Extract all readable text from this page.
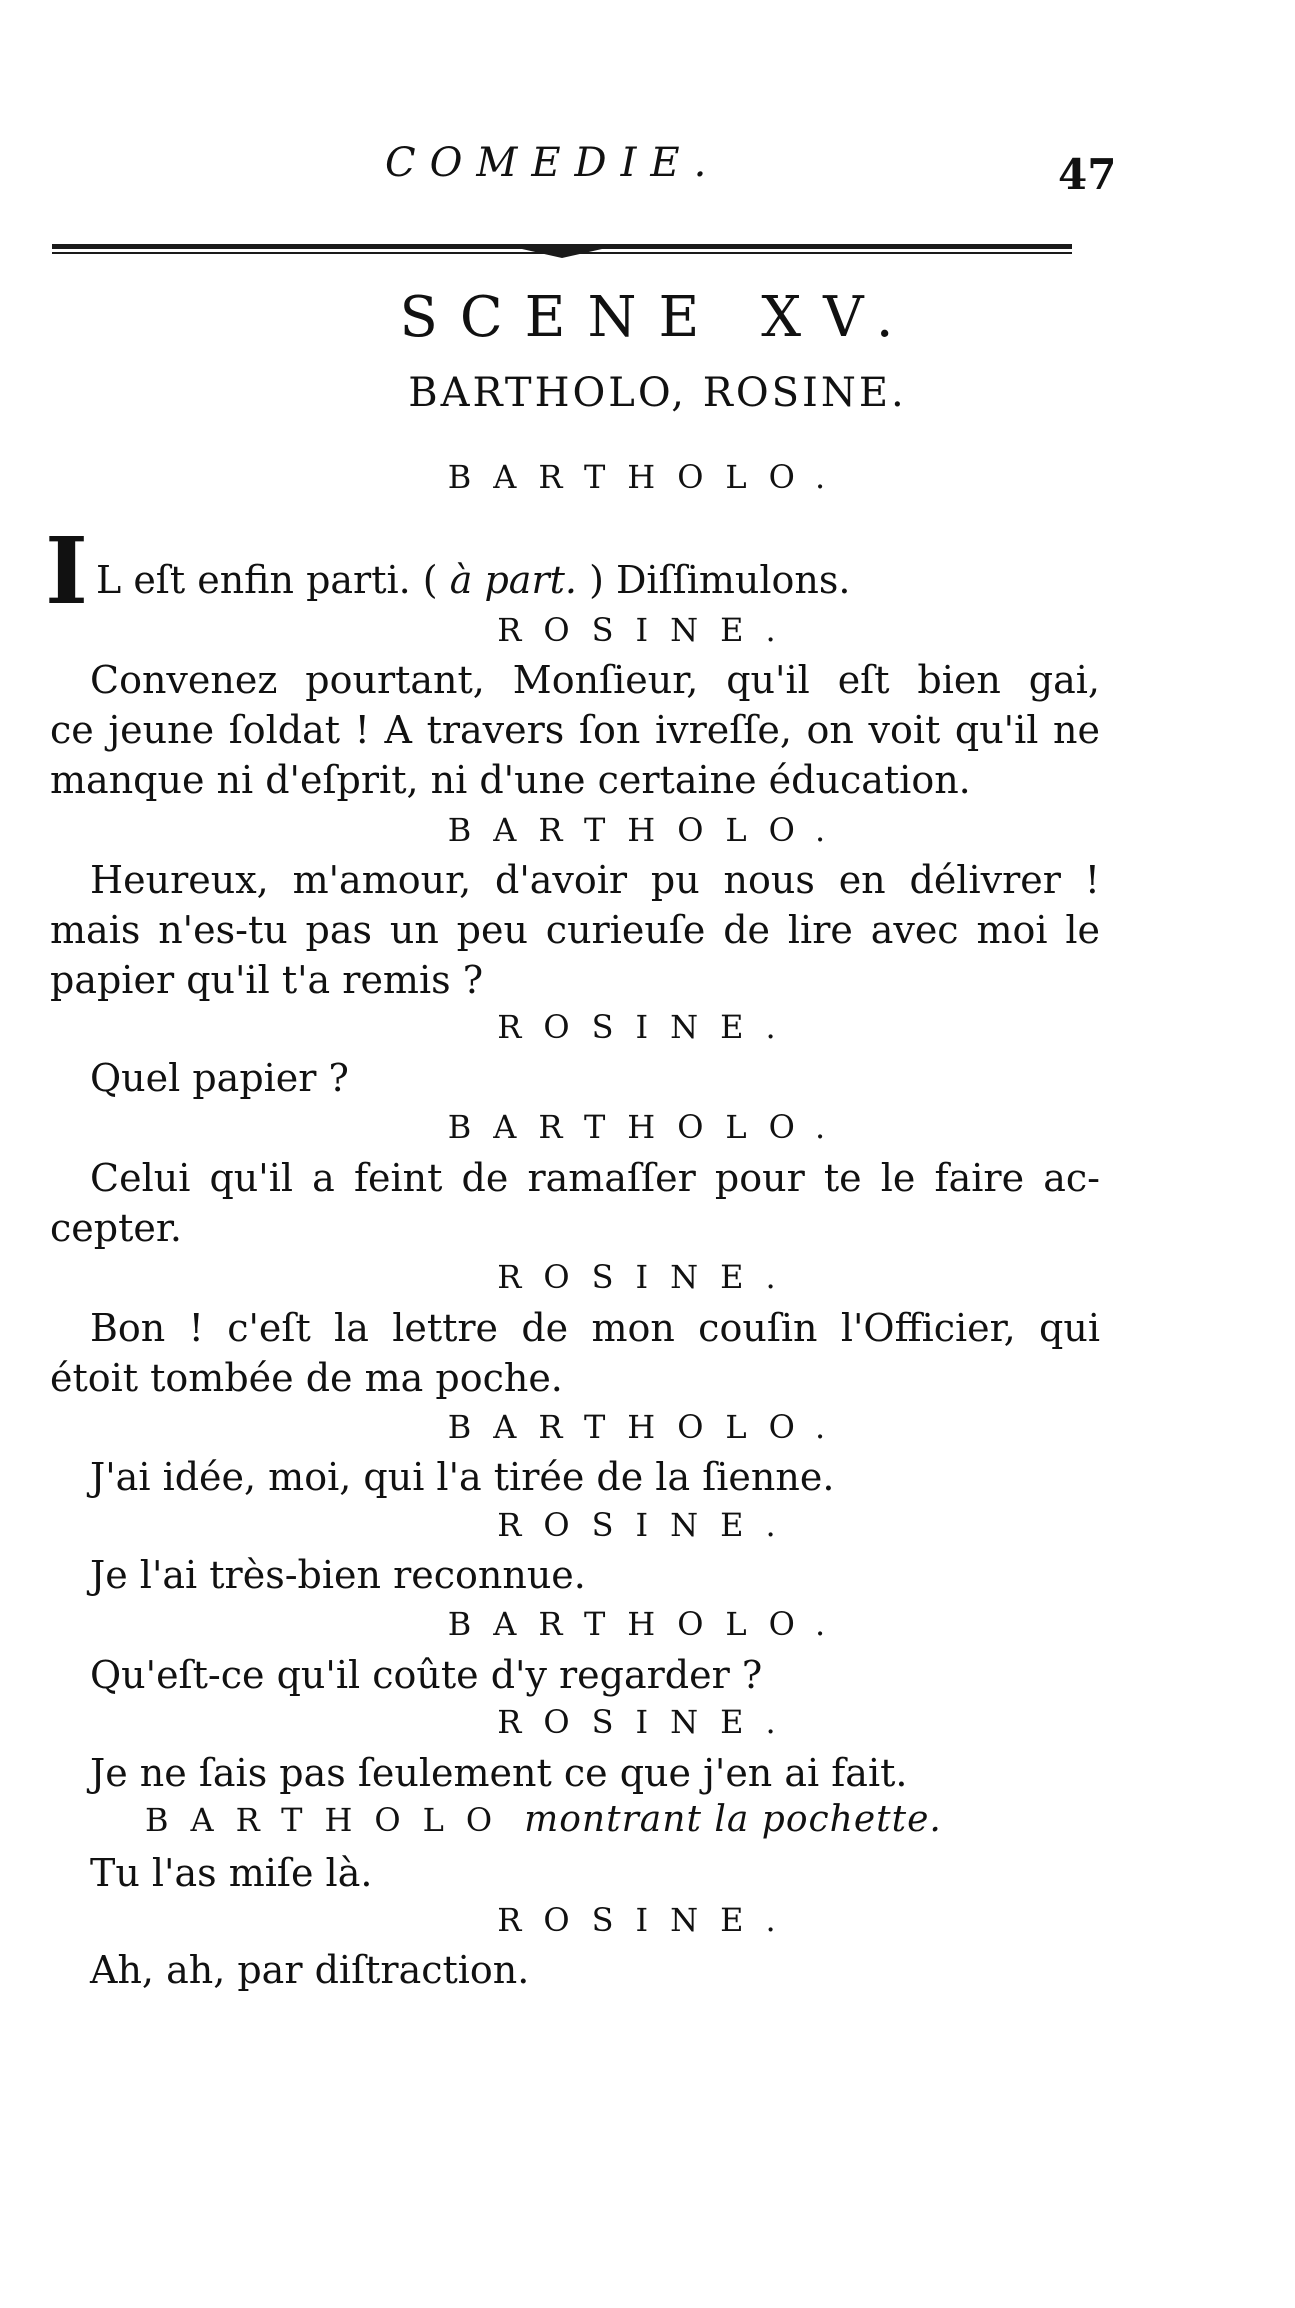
COMEDIE.	47
SCENE XV.
BARTHOLO, ROSINE.
BARTHOLO.
I L eſt enfin parti. ( à part. ) Diſſimulons.
ROSINE.
Convenez pourtant, Monſieur, qu'il eſt bien gai,
ce jeune ſoldat ! A travers ſon ivreſſe, on voit qu'il ne
manque ni d'eſprit, ni d'une certaine éducation.
BARTHOLO.
Heureux, m'amour, d'avoir pu nous en délivrer !
mais n'es-tu pas un peu curieuſe de lire avec moi le
papier qu'il t'a remis ?
ROSINE.
Quel papier ?
BARTHOLO.
Celui qu'il a feint de ramaſſer pour te le faire ac-
cepter.
ROSINE.
Bon ! c'eſt la lettre de mon couſin l'Officier, qui
étoit tombée de ma poche.
BARTHOLO.
J'ai idée, moi, qui l'a tirée de la ſienne.
ROSINE.
Je l'ai très-bien reconnue.
BARTHOLO.
Qu'eſt-ce qu'il coûte d'y regarder ?
ROSINE.
Je ne ſais pas ſeulement ce que j'en ai fait.
BARTHOLO montrant la pochette.
Tu l'as miſe là.
ROSINE.
Ah, ah, par diſtraction.
